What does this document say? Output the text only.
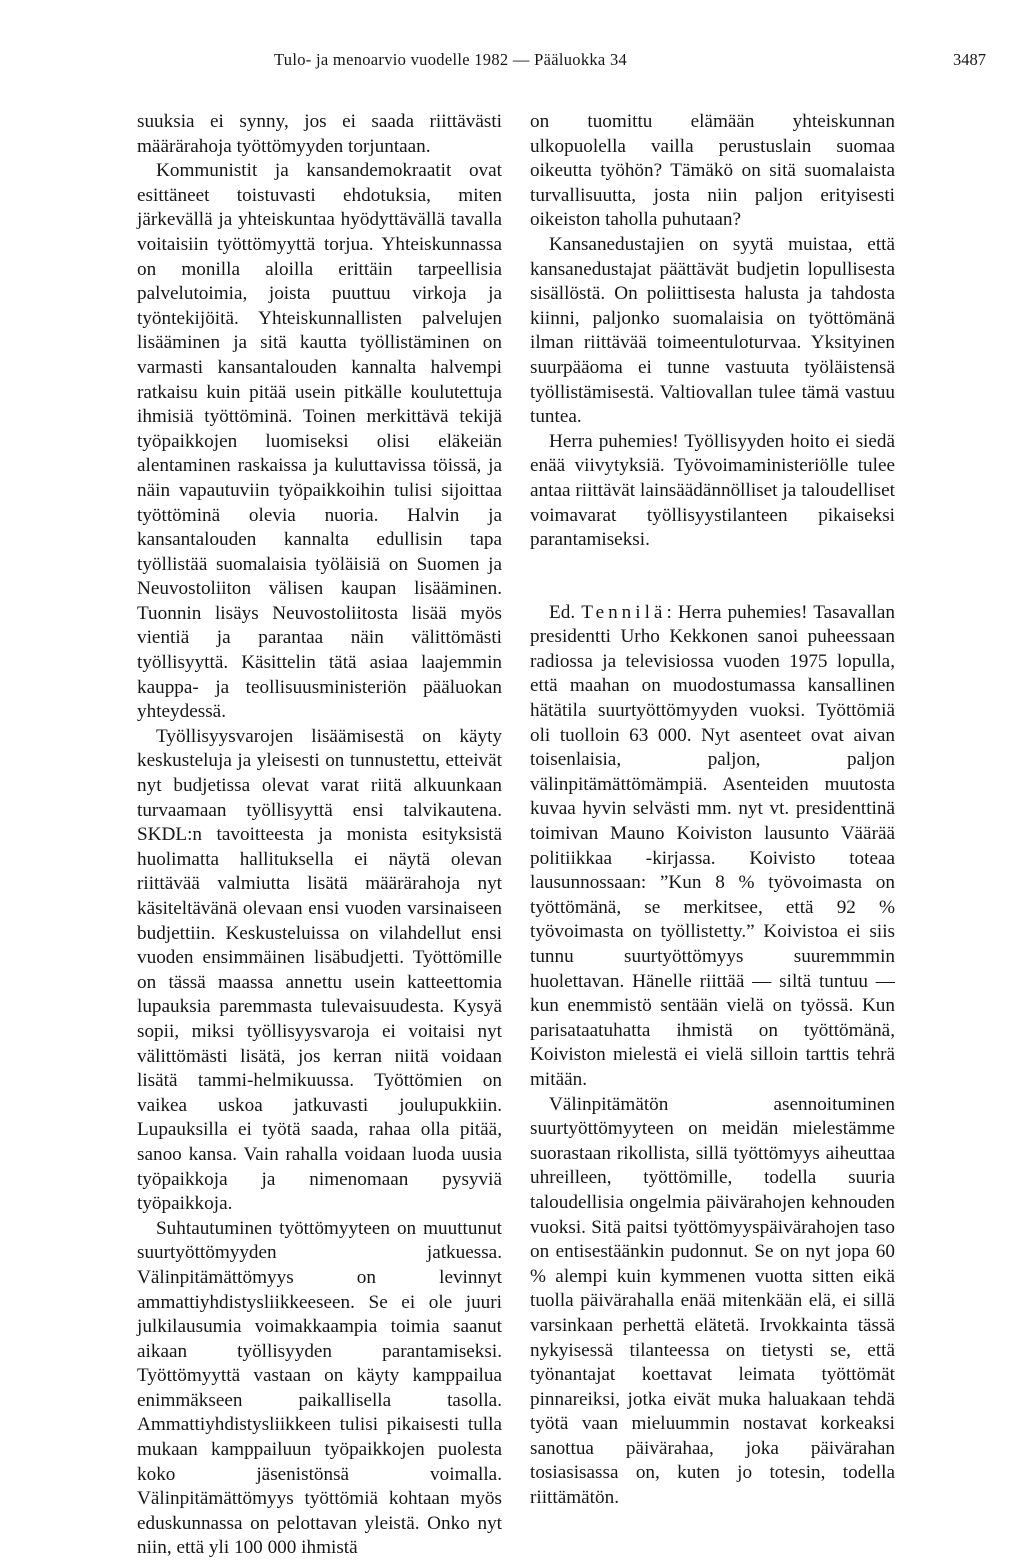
Tulo- ja menoarvio vuodelle 1982 — Pääluokka 34	3487

suuksia ei synny, jos ei saada riittävästi määrärahoja työttömyyden torjuntaan.

Kommunistit ja kansandemokraatit ovat esittäneet toistuvasti ehdotuksia, miten järkevällä ja yhteiskuntaa hyödyttävällä tavalla voitaisiin työttömyyttä torjua. Yhteiskunnassa on monilla aloilla erittäin tarpeellisia palvelutoimia, joista puuttuu virkoja ja työntekijöitä. Yhteiskunnallisten palvelujen lisääminen ja sitä kautta työllistäminen on varmasti kansantalouden kannalta halvempi ratkaisu kuin pitää usein pitkälle koulutettuja ihmisiä työttöminä. Toinen merkittävä tekijä työpaikkojen luomiseksi olisi eläkeiän alentaminen raskaissa ja kuluttavissa töissä, ja näin vapautuviin työpaikkoihin tulisi sijoittaa työttöminä olevia nuoria. Halvin ja kansantalouden kannalta edullisin tapa työllistää suomalaisia työläisiä on Suomen ja Neuvostoliiton välisen kaupan lisääminen. Tuonnin lisäys Neuvostoliitosta lisää myös vientiä ja parantaa näin välittömästi työllisyyttä. Käsittelin tätä asiaa laajemmin kauppa- ja teollisuusministeriön pääluokan yhteydessä.

Työllisyysvarojen lisäämisestä on käyty keskusteluja ja yleisesti on tunnustettu, etteivät nyt budjetissa olevat varat riitä alkuunkaan turvaamaan työllisyyttä ensi talvikautena. SKDL:n tavoitteesta ja monista esityksistä huolimatta hallituksella ei näytä olevan riittävää valmiutta lisätä määrärahoja nyt käsiteltävänä olevaan ensi vuoden varsinaiseen budjettiin. Keskusteluissa on vilahdellut ensi vuoden ensimmäinen lisäbudjetti. Työttömille on tässä maassa annettu usein katteettomia lupauksia paremmasta tulevaisuudesta. Kysyä sopii, miksi työllisyysvaroja ei voitaisi nyt välittömästi lisätä, jos kerran niitä voidaan lisätä tammi-helmikuussa. Työttömien on vaikea uskoa jatkuvasti joulupukkiin. Lupauksilla ei työtä saada, rahaa olla pitää, sanoo kansa. Vain rahalla voidaan luoda uusia työpaikkoja ja nimenomaan pysyviä työpaikkoja.

Suhtautuminen työttömyyteen on muuttunut suurtyöttömyyden jatkuessa. Välinpitämättömyys on levinnyt ammattiyhdistysliikkeeseen. Se ei ole juuri julkilausumia voimakkaampia toimia saanut aikaan työllisyyden parantamiseksi. Työttömyyttä vastaan on käyty kamppailua enimmäkseen paikallisella tasolla. Ammattiyhdistysliikkeen tulisi pikaisesti tulla mukaan kamppailuun työpaikkojen puolesta koko jäsenistönsä voimalla. Välinpitämättömyys työttömiä kohtaan myös eduskunnassa on pelottavan yleistä. Onko nyt niin, että yli 100 000 ihmistä

on tuomittu elämään yhteiskunnan ulkopuolella vailla perustuslain suomaa oikeutta työhön? Tämäkö on sitä suomalaista turvallisuutta, josta niin paljon erityisesti oikeiston taholla puhutaan?

Kansanedustajien on syytä muistaa, että kansanedustajat päättävät budjetin lopullisesta sisällöstä. On poliittisesta halusta ja tahdosta kiinni, paljonko suomalaisia on työttömänä ilman riittävää toimeentuloturvaa. Yksityinen suurpääoma ei tunne vastuuta työläistensä työllistämisestä. Valtiovallan tulee tämä vastuu tuntea.

Herra puhemies! Työllisyyden hoito ei siedä enää viivytyksiä. Työvoimaministeriölle tulee antaa riittävät lainsäädännölliset ja taloudelliset voimavarat työllisyystilanteen pikaiseksi parantamiseksi.

Ed. Tennilä: Herra puhemies! Tasavallan presidentti Urho Kekkonen sanoi puheessaan radiossa ja televisiossa vuoden 1975 lopulla, että maahan on muodostumassa kansallinen hätätila suurtyöttömyyden vuoksi. Työttömiä oli tuolloin 63 000. Nyt asenteet ovat aivan toisenlaisia, paljon, paljon välinpitämättömämpiä. Asenteiden muutosta kuvaa hyvin selvästi mm. nyt vt. presidenttinä toimivan Mauno Koiviston lausunto Väärää politiikkaa -kirjassa. Koivisto toteaa lausunnossaan: ”Kun 8 % työvoimasta on työttömänä, se merkitsee, että 92 % työvoimasta on työllistetty.” Koivistoa ei siis tunnu suurtyöttömyys suuremmmin huolettavan. Hänelle riittää — siltä tuntuu — kun enemmistö sentään vielä on työssä. Kun parisataatuhatta ihmistä on työttömänä, Koiviston mielestä ei vielä silloin tarttis tehrä mitään.

Välinpitämätön asennoituminen suurtyöttömyyteen on meidän mielestämme suorastaan rikollista, sillä työttömyys aiheuttaa uhreilleen, työttömille, todella suuria taloudellisia ongelmia päivärahojen kehnouden vuoksi. Sitä paitsi työttömyyspäivärahojen taso on entisestäänkin pudonnut. Se on nyt jopa 60 % alempi kuin kymmenen vuotta sitten eikä tuolla päivärahalla enää mitenkään elä, ei sillä varsinkaan perhettä elätetä. Irvokkainta tässä nykyisessä tilanteessa on tietysti se, että työnantajat koettavat leimata työttömät pinnareiksi, jotka eivät muka haluakaan tehdä työtä vaan mieluummin nostavat korkeaksi sanottua päivärahaa, joka päivärahan tosiasisassa on, kuten jo totesin, todella riittämätön.
